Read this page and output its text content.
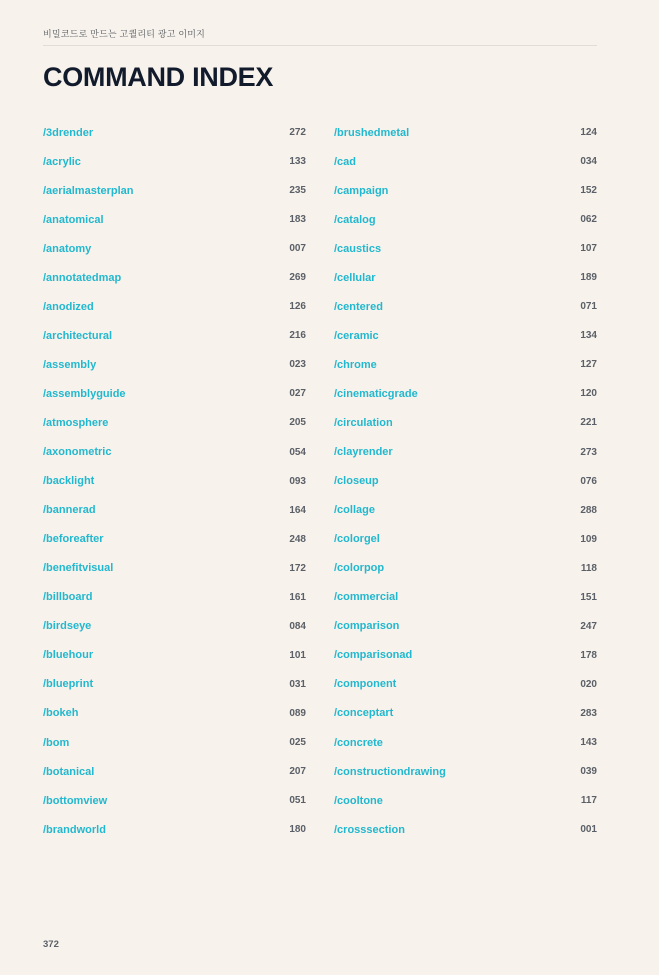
비밀코드로 만드는 고퀄리티 광고 이미지
COMMAND INDEX
/3drender	272
/acrylic	133
/aerialmasterplan	235
/anatomical	183
/anatomy	007
/annotatedmap	269
/anodized	126
/architectural	216
/assembly	023
/assemblyguide	027
/atmosphere	205
/axonometric	054
/backlight	093
/bannerad	164
/beforeafter	248
/benefitvisual	172
/billboard	161
/birdseye	084
/bluehour	101
/blueprint	031
/bokeh	089
/bom	025
/botanical	207
/bottomview	051
/brandworld	180
/brushedmetal	124
/cad	034
/campaign	152
/catalog	062
/caustics	107
/cellular	189
/centered	071
/ceramic	134
/chrome	127
/cinematicgrade	120
/circulation	221
/clayrender	273
/closeup	076
/collage	288
/colorgel	109
/colorpop	118
/commercial	151
/comparison	247
/comparisonad	178
/component	020
/conceptart	283
/concrete	143
/constructiondrawing	039
/cooltone	117
/crosssection	001
372
